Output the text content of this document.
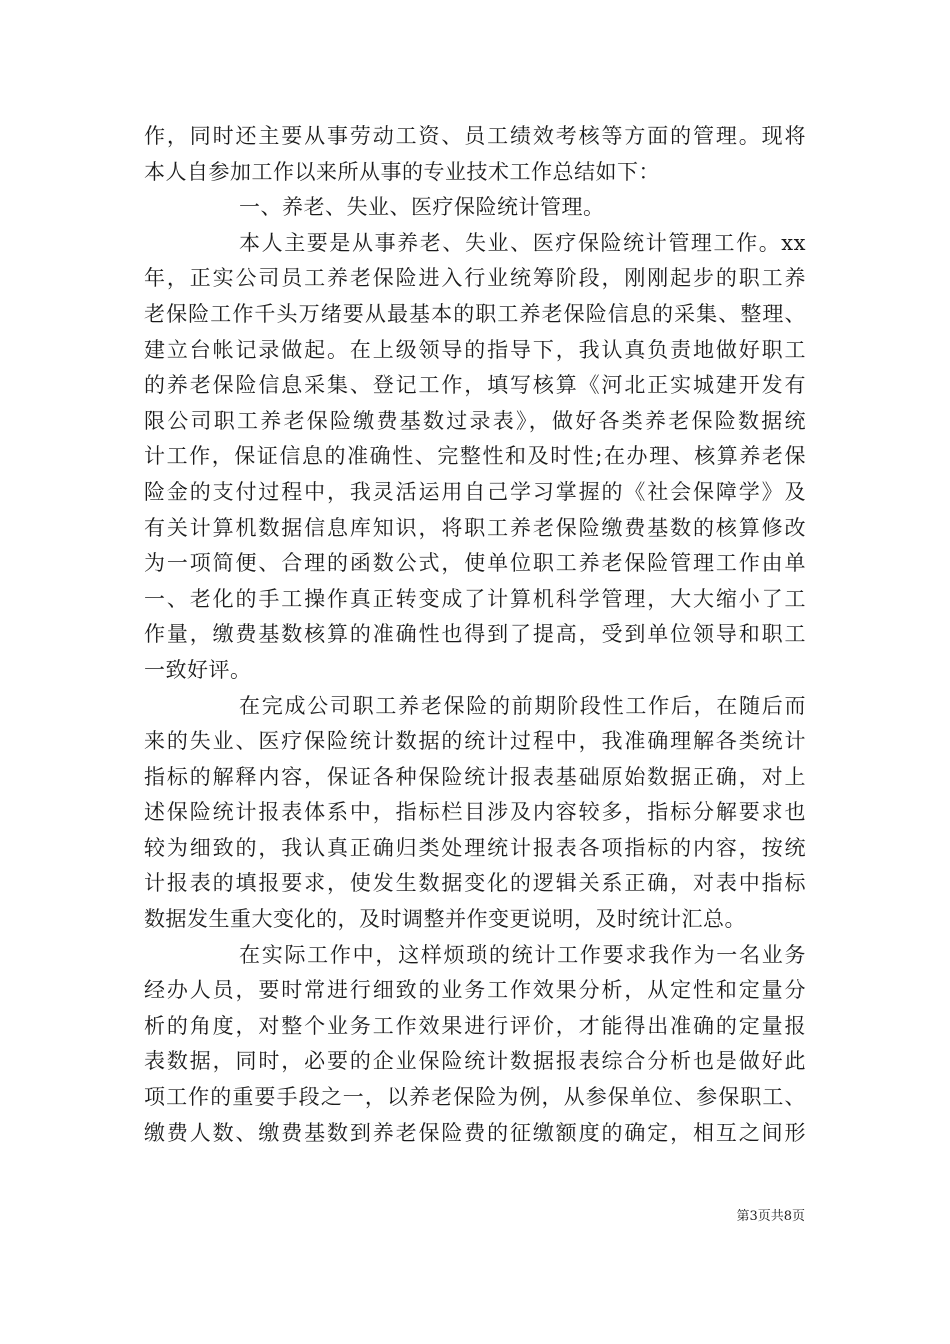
作，同时还主要从事劳动工资、员工绩效考核等方面的管理。现将
本人自参加工作以来所从事的专业技术工作总结如下：
一、养老、失业、医疗保险统计管理。
本人主要是从事养老、失业、医疗保险统计管理工作。xx
年，正实公司员工养老保险进入行业统筹阶段，刚刚起步的职工养
老保险工作千头万绪要从最基本的职工养老保险信息的采集、整理、
建立台帐记录做起。在上级领导的指导下，我认真负责地做好职工
的养老保险信息采集、登记工作，填写核算《河北正实城建开发有
限公司职工养老保险缴费基数过录表》，做好各类养老保险数据统
计工作，保证信息的准确性、完整性和及时性;在办理、核算养老保
险金的支付过程中，我灵活运用自己学习掌握的《社会保障学》及
有关计算机数据信息库知识，将职工养老保险缴费基数的核算修改
为一项简便、合理的函数公式，使单位职工养老保险管理工作由单
一、老化的手工操作真正转变成了计算机科学管理，大大缩小了工
作量，缴费基数核算的准确性也得到了提高，受到单位领导和职工
一致好评。
在完成公司职工养老保险的前期阶段性工作后，在随后而
来的失业、医疗保险统计数据的统计过程中，我准确理解各类统计
指标的解释内容，保证各种保险统计报表基础原始数据正确，对上
述保险统计报表体系中，指标栏目涉及内容较多，指标分解要求也
较为细致的，我认真正确归类处理统计报表各项指标的内容，按统
计报表的填报要求，使发生数据变化的逻辑关系正确，对表中指标
数据发生重大变化的，及时调整并作变更说明，及时统计汇总。
在实际工作中，这样烦琐的统计工作要求我作为一名业务
经办人员，要时常进行细致的业务工作效果分析，从定性和定量分
析的角度，对整个业务工作效果进行评价，才能得出准确的定量报
表数据，同时，必要的企业保险统计数据报表综合分析也是做好此
项工作的重要手段之一，以养老保险为例，从参保单位、参保职工、
缴费人数、缴费基数到养老保险费的征缴额度的确定，相互之间形
第3页共8页
